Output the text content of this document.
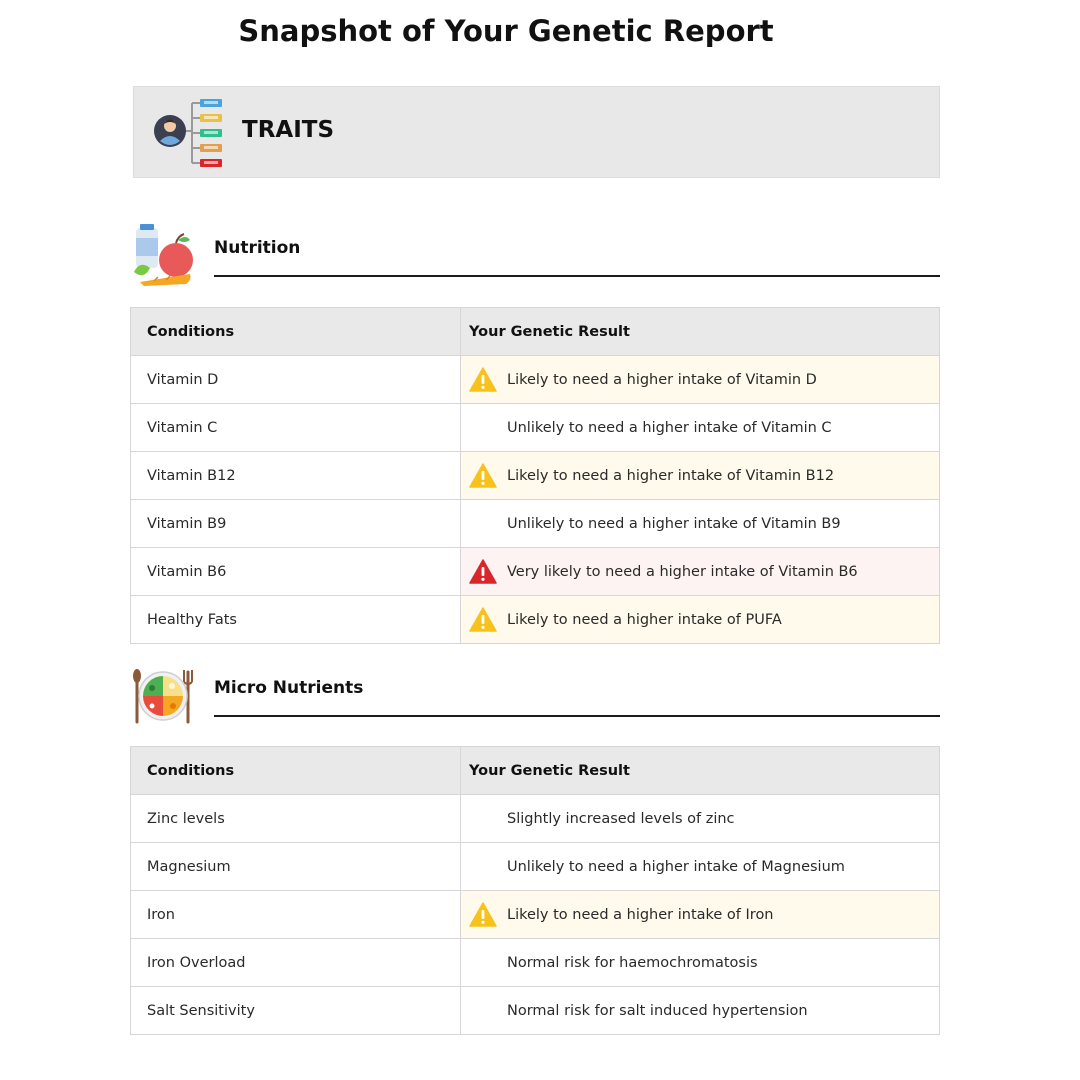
Snapshot of Your Genetic Report
TRAITS
Nutrition
Conditions	Your Genetic Result
Vitamin D	Likely to need a higher intake of Vitamin D

Vitamin C	Unlikely to need a higher intake of Vitamin C

Vitamin B12	Likely to need a higher intake of Vitamin B12

Vitamin B9	Unlikely to need a higher intake of Vitamin B9

Vitamin B6	Very likely to need a higher intake of Vitamin B6

Healthy Fats	Likely to need a higher intake of PUFA
Micro Nutrients
Conditions	Your Genetic Result
Zinc levels	Slightly increased levels of zinc

Magnesium	Unlikely to need a higher intake of Magnesium

Iron	Likely to need a higher intake of Iron

Iron Overload	Normal risk for haemochromatosis

Salt Sensitivity	Normal risk for salt induced hypertension
